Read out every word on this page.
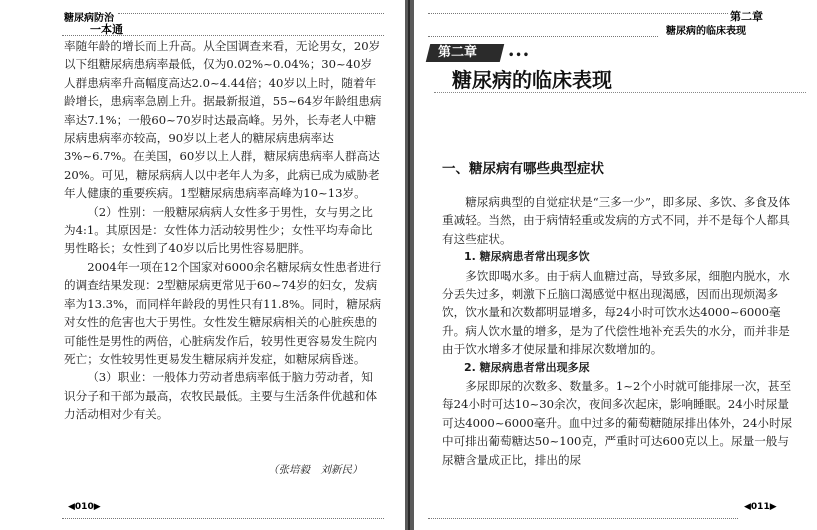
糖尿病防治
一本通

率随年龄的增长而上升高。从全国调查来看，无论男女，20岁以下组糖尿病患病率最低，仅为0.02%~0.04%；30~40岁人群患病率升高幅度高达2.0~4.44倍；40岁以上时，随着年龄增长，患病率急剧上升。据最新报道，55~64岁年龄组患病率达7.1%；一般60~70岁时达最高峰。另外，长寿老人中糖尿病患病率亦较高，90岁以上老人的糖尿病患病率达3%~6.7%。在美国，60岁以上人群，糖尿病患病率人群高达20%。可见，糖尿病病人以中老年人为多，此病已成为威胁老年人健康的重要疾病。1型糖尿病患病率高峰为10~13岁。

（2）性别：一般糖尿病病人女性多于男性，女与男之比为4:1。其原因是：女性体力活动较男性少；女性平均寿命比男性略长；女性到了40岁以后比男性容易肥胖。

2004年一项在12个国家对6000余名糖尿病女性患者进行的调查结果发现：2型糖尿病更常见于60~74岁的妇女，发病率为13.3%，而同样年龄段的男性只有11.8%。同时，糖尿病对女性的危害也大于男性。女性发生糖尿病相关的心脏疾患的可能性是男性的两倍，心脏病发作后，较男性更容易发生院内死亡；女性较男性更易发生糖尿病并发症，如糖尿病昏迷。

（3）职业：一般体力劳动者患病率低于脑力劳动者，知识分子和干部为最高，农牧民最低。主要与生活条件优越和体力活动相对少有关。

（张培毅　刘新民）
◀010▶
第二章
糖尿病的临床表现
第二章	•••
糖尿病的临床表现
一、糖尿病有哪些典型症状

糖尿病典型的自觉症状是“三多一少”，即多尿、多饮、多食及体重减轻。当然，由于病情轻重或发病的方式不同，并不是每个人都具有这些症状。

1. 糖尿病患者常出现多饮

多饮即喝水多。由于病人血糖过高，导致多尿，细胞内脱水，水分丢失过多，刺激下丘脑口渴感觉中枢出现渴感，因而出现烦渴多饮，饮水量和次数都明显增多，每24小时可饮水达4000~6000毫升。病人饮水量的增多，是为了代偿性地补充丢失的水分，而并非是由于饮水增多才使尿量和排尿次数增加的。

2. 糖尿病患者常出现多尿

多尿即尿的次数多、数量多。1~2个小时就可能排尿一次，甚至每24小时可达10~30余次，夜间多次起床，影响睡眠。24小时尿量可达4000~6000毫升。血中过多的葡萄糖随尿排出体外，24小时尿中可排出葡萄糖达50~100克，严重时可达600克以上。尿量一般与尿糖含量成正比，排出的尿

◀011▶
